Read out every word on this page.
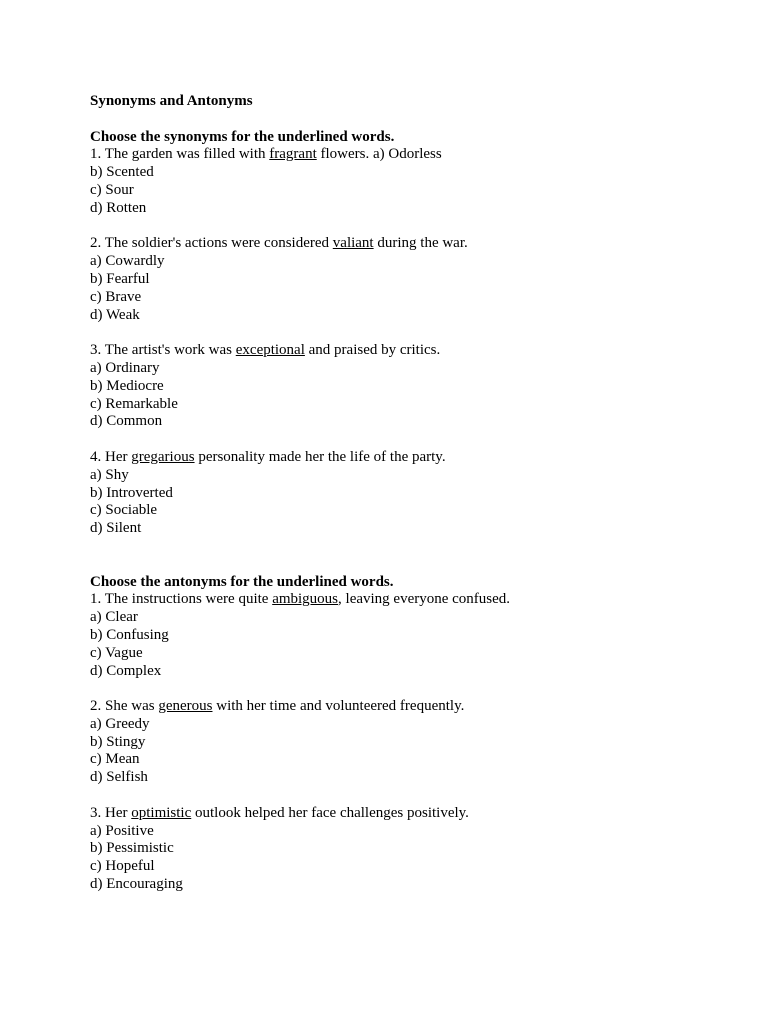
Synonyms and Antonyms
Choose the synonyms for the underlined words.
1. The garden was filled with fragrant flowers. a) Odorless
b) Scented
c) Sour
d) Rotten
2. The soldier's actions were considered valiant during the war.
a) Cowardly
b) Fearful
c) Brave
d) Weak
3. The artist's work was exceptional and praised by critics.
a) Ordinary
b) Mediocre
c) Remarkable
d) Common
4. Her gregarious personality made her the life of the party.
a) Shy
b) Introverted
c) Sociable
d) Silent
Choose the antonyms for the underlined words.
1. The instructions were quite ambiguous, leaving everyone confused.
a) Clear
b) Confusing
c) Vague
d) Complex
2. She was generous with her time and volunteered frequently.
a) Greedy
b) Stingy
c) Mean
d) Selfish
3. Her optimistic outlook helped her face challenges positively.
a) Positive
b) Pessimistic
c) Hopeful
d) Encouraging
